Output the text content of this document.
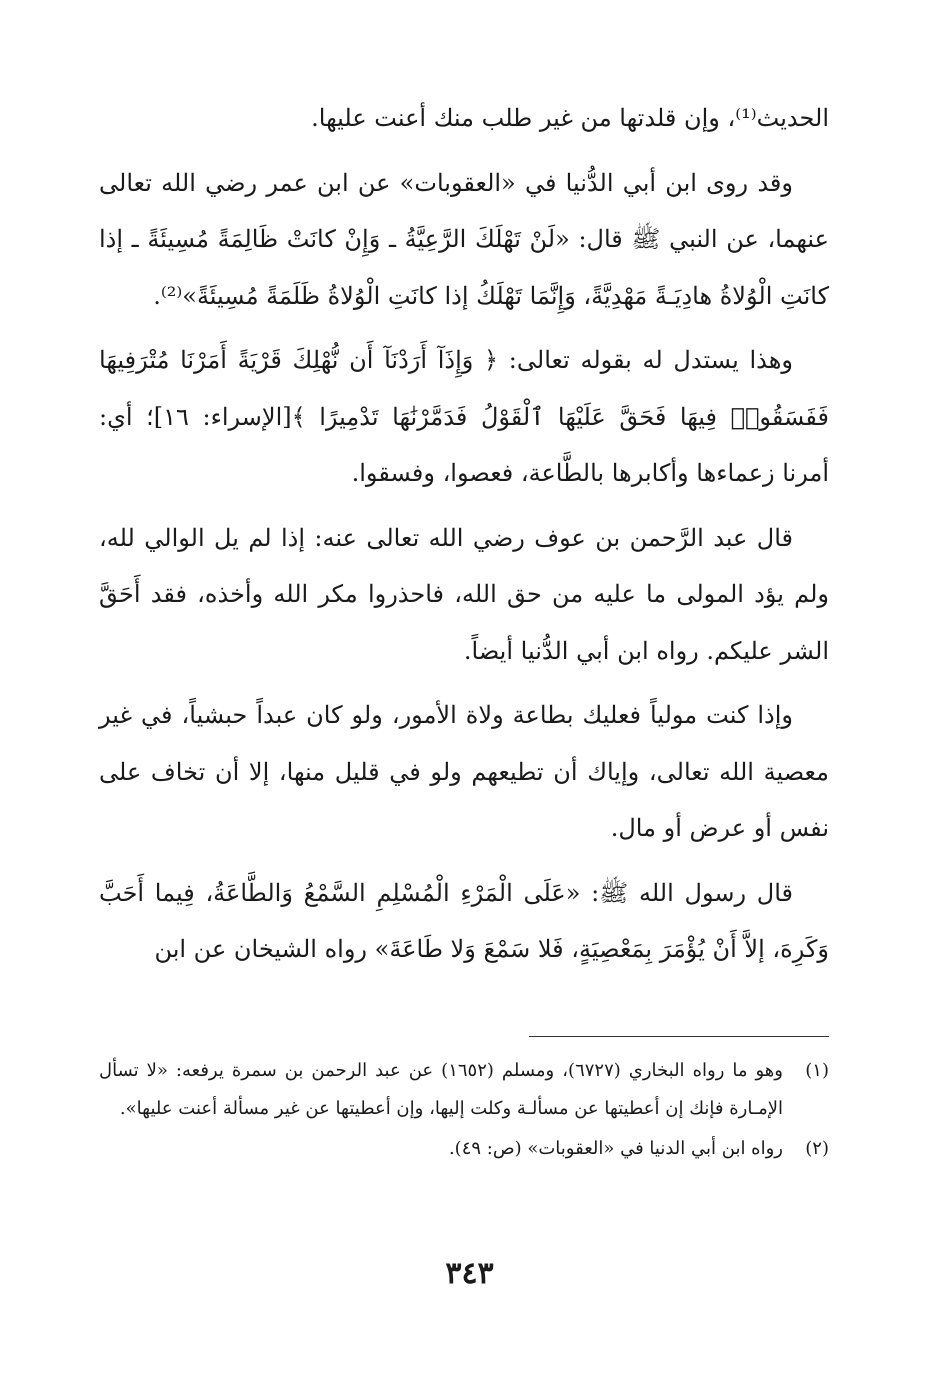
الحديث⁽¹⁾، وإن قلدتها من غير طلب منك أعنت عليها.

وقد روى ابن أبي الدُّنيا في «العقوبات» عن ابن عمر رضي الله تعالى عنهما، عن النبي ﷺ قال: «لَنْ تَهْلَكَ الرَّعِيَّةُ ـ وَإِنْ كانَتْ ظَالِمَةً مُسِيئَةً ـ إذا كانَتِ الْوُلاةُ هادِيَـةً مَهْدِيَّةً، وَإِنَّمَا تَهْلَكُ إذا كانَتِ الْوُلاةُ ظَلَمَةً مُسِيئَةً»⁽²⁾.

وهذا يستدل له بقوله تعالى: ﴿ وَإِذَآ أَرَدْنَآ أَن نُّهْلِكَ قَرْيَةً أَمَرْنَا مُتْرَفِيهَا فَفَسَقُوا۟ فِيهَا فَحَقَّ عَلَيْهَا ٱلْقَوْلُ فَدَمَّرْنَٰهَا تَدْمِيرًا ﴾[الإسراء: ١٦]؛ أي: أمرنا زعماءها وأكابرها بالطَّاعة، فعصوا، وفسقوا.

قال عبد الرَّحمن بن عوف رضي الله تعالى عنه: إذا لم يل الوالي لله، ولم يؤد المولى ما عليه من حق الله، فاحذروا مكر الله وأخذه، فقد أَحَقَّ الشر عليكم. رواه ابن أبي الدُّنيا أيضاً.

وإذا كنت مولياً فعليك بطاعة ولاة الأمور، ولو كان عبداً حبشياً، في غير معصية الله تعالى، وإياك أن تطيعهم ولو في قليل منها، إلا أن تخاف على نفس أو عرض أو مال.

قال رسول الله ﷺ: «عَلَى الْمَرْءِ الْمُسْلِمِ السَّمْعُ وَالطَّاعَةُ، فِيما أَحَبَّ وَكَرِهَ، إلاَّ أَنْ يُؤْمَرَ بِمَعْصِيَةٍ، فَلا سَمْعَ وَلا طَاعَةَ» رواه الشيخان عن ابن

(١)
وهو ما رواه البخاري (٦٧٢٧)، ومسلم (١٦٥٢) عن عبد الرحمن بن سمرة يرفعه: «لا تسأل الإمـارة فإنك إن أعطيتها عن مسألـة وكلت إليها، وإن أعطيتها عن غير مسألة أعنت عليها».
(٢)
رواه ابن أبي الدنيا في «العقوبات» (ص: ٤٩).
٣٤٣
